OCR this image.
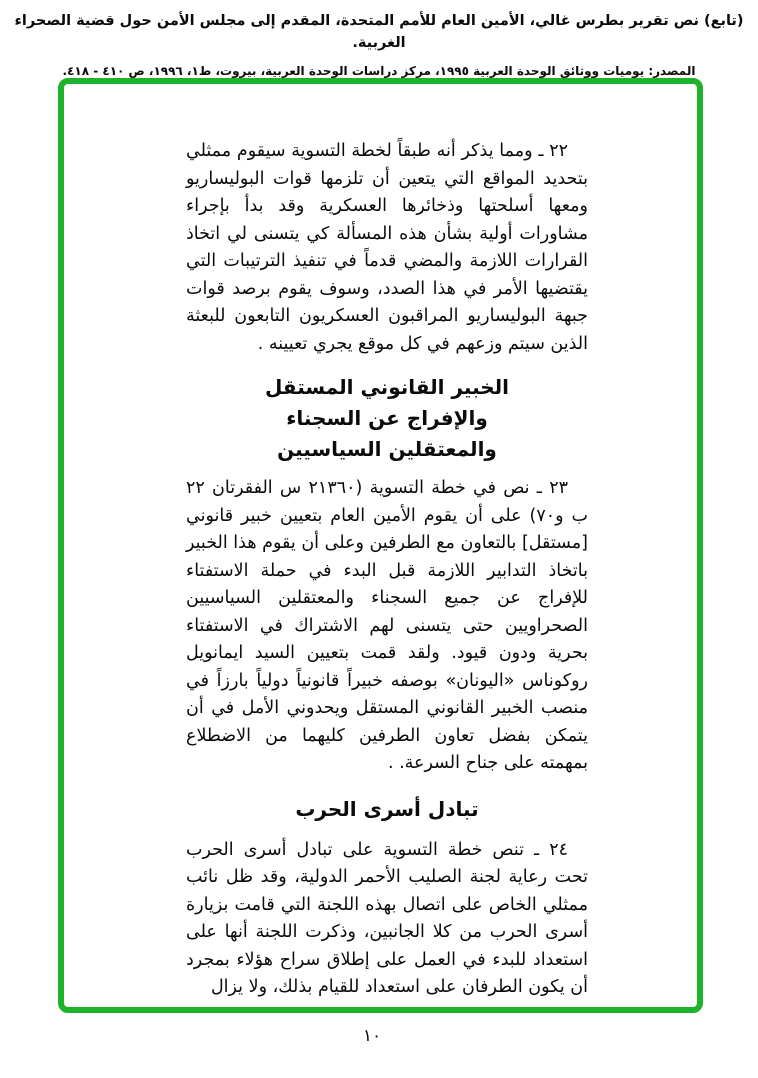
(تابع) نص تقرير بطرس غالي، الأمين العام للأمم المتحدة، المقدم إلى مجلس الأمن حول قضية الصحراء الغربية.
المصدر: يوميات ووثائق الوحدة العربية ١٩٩٥، مركز دراسات الوحدة العربية، بيروت، ط١، ١٩٩٦، ص ٤١٠ - ٤١٨.

٢٢ ـ ومما يذكر أنه طبقاً لخطة التسوية سيقوم ممثلي بتحديد المواقع التي يتعين أن تلزمها قوات البوليساريو ومعها أسلحتها وذخائرها العسكرية وقد بدأ بإجراء مشاورات أولية بشأن هذه المسألة كي يتسنى لي اتخاذ القرارات اللازمة والمضي قدماً في تنفيذ الترتيبات التي يقتضيها الأمر في هذا الصدد، وسوف يقوم برصد قوات جبهة البوليساريو المراقبون العسكريون التابعون للبعثة الذين سيتم وزعهم في كل موقع يجري تعيينه .

الخبير القانوني المستقل
والإفراج عن السجناء
والمعتقلين السياسيين

٢٣ ـ نص في خطة التسوية (٢١٣٦٠ س الفقرتان ٢٢ ب و٧٠) على أن يقوم الأمين العام بتعيين خبير قانوني [مستقل] بالتعاون مع الطرفين وعلى أن يقوم هذا الخبير باتخاذ التدابير اللازمة قبل البدء في حملة الاستفتاء للإفراج عن جميع السجناء والمعتقلين السياسيين الصحراويين حتى يتسنى لهم الاشتراك في الاستفتاء بحرية ودون قيود. ولقد قمت بتعيين السيد ايمانويل روكوناس «اليونان» بوصفه خبيراً قانونياً دولياً بارزاً في منصب الخبير القانوني المستقل ويحدوني الأمل في أن يتمكن بفضل تعاون الطرفين كليهما من الاضطلاع بمهمته على جناح السرعة. .

تبادل أسرى الحرب

٢٤ ـ تنص خطة التسوية على تبادل أسرى الحرب تحت رعاية لجنة الصليب الأحمر الدولية، وقد ظل نائب ممثلي الخاص على اتصال بهذه اللجنة التي قامت بزيارة أسرى الحرب من كلا الجانبين، وذكرت اللجنة أنها على استعداد للبدء في العمل على إطلاق سراح هؤلاء بمجرد أن يكون الطرفان على استعداد للقيام بذلك، ولا يزال

١٠
